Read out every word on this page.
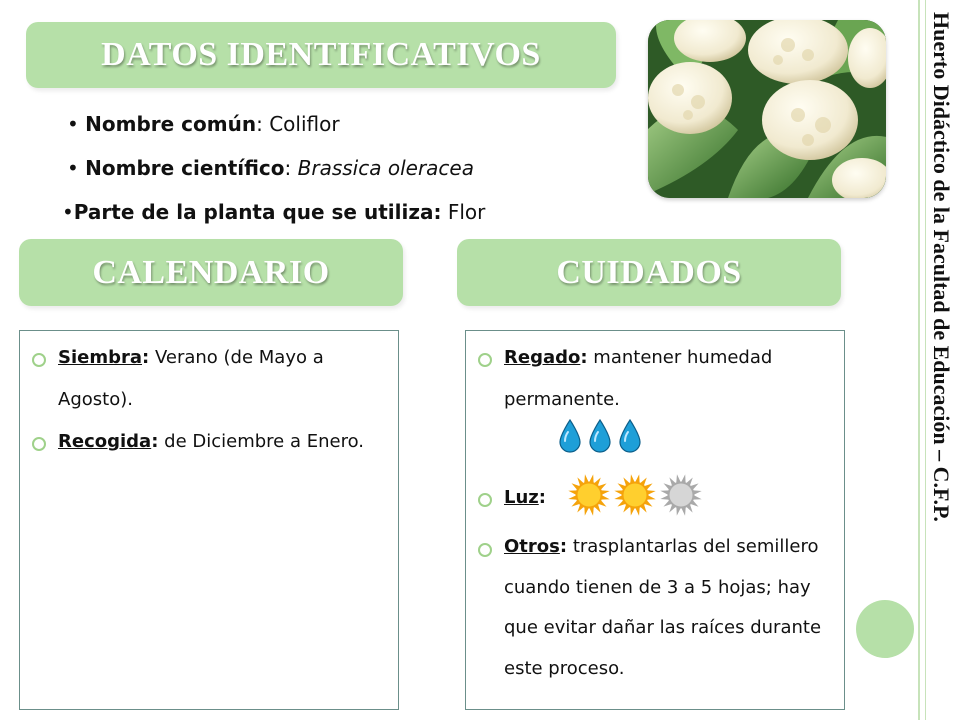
DATOS IDENTIFICATIVOS
• Nombre común: Coliflor
• Nombre científico: Brassica oleracea
•Parte de la planta que se utiliza: Flor
CALENDARIO	CUIDADOS
Siembra: Verano (de Mayo a
Agosto).
Recogida: de Diciembre a Enero.
Regado: mantener humedad
permanente.
Luz:
Otros: trasplantarlas del semillero
cuando tienen de 3 a 5 hojas; hay
que evitar dañar las raíces durante
este proceso.
Huerto Didáctico de la Facultad de Educación – C.F.P.
